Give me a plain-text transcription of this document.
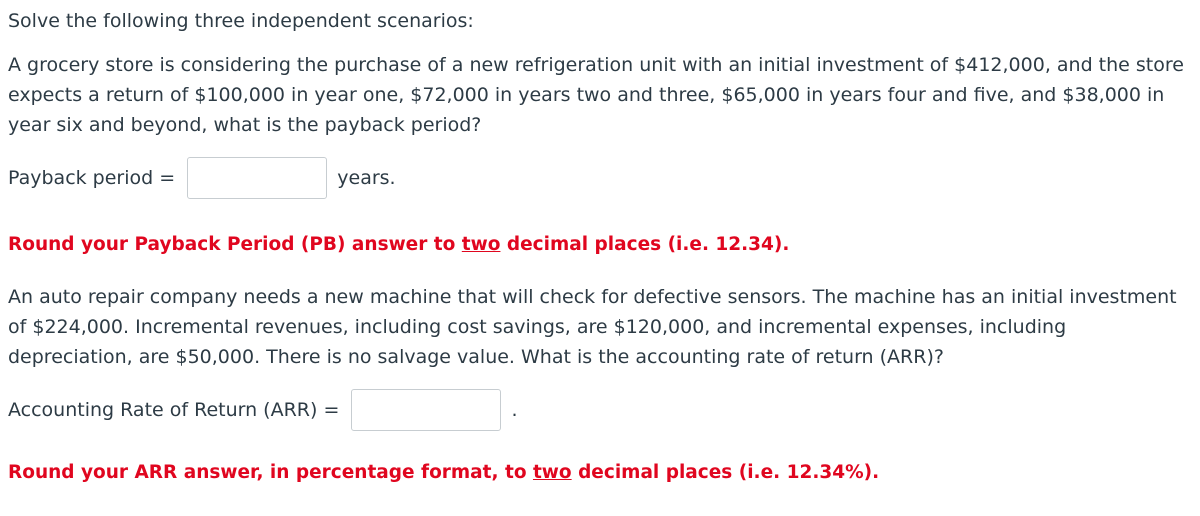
Solve the following three independent scenarios:

A grocery store is considering the purchase of a new refrigeration unit with an initial investment of $412,000, and the store expects a return of $100,000 in year one, $72,000 in years two and three, $65,000 in years four and five, and $38,000 in year six and beyond, what is the payback period?

Payback period =	years.

Round your Payback Period (PB) answer to two decimal places (i.e. 12.34).

An auto repair company needs a new machine that will check for defective sensors. The machine has an initial investment of $224,000. Incremental revenues, including cost savings, are $120,000, and incremental expenses, including depreciation, are $50,000. There is no salvage value. What is the accounting rate of return (ARR)?

Accounting Rate of Return (ARR) =	.

Round your ARR answer, in percentage format, to two decimal places (i.e. 12.34%).
